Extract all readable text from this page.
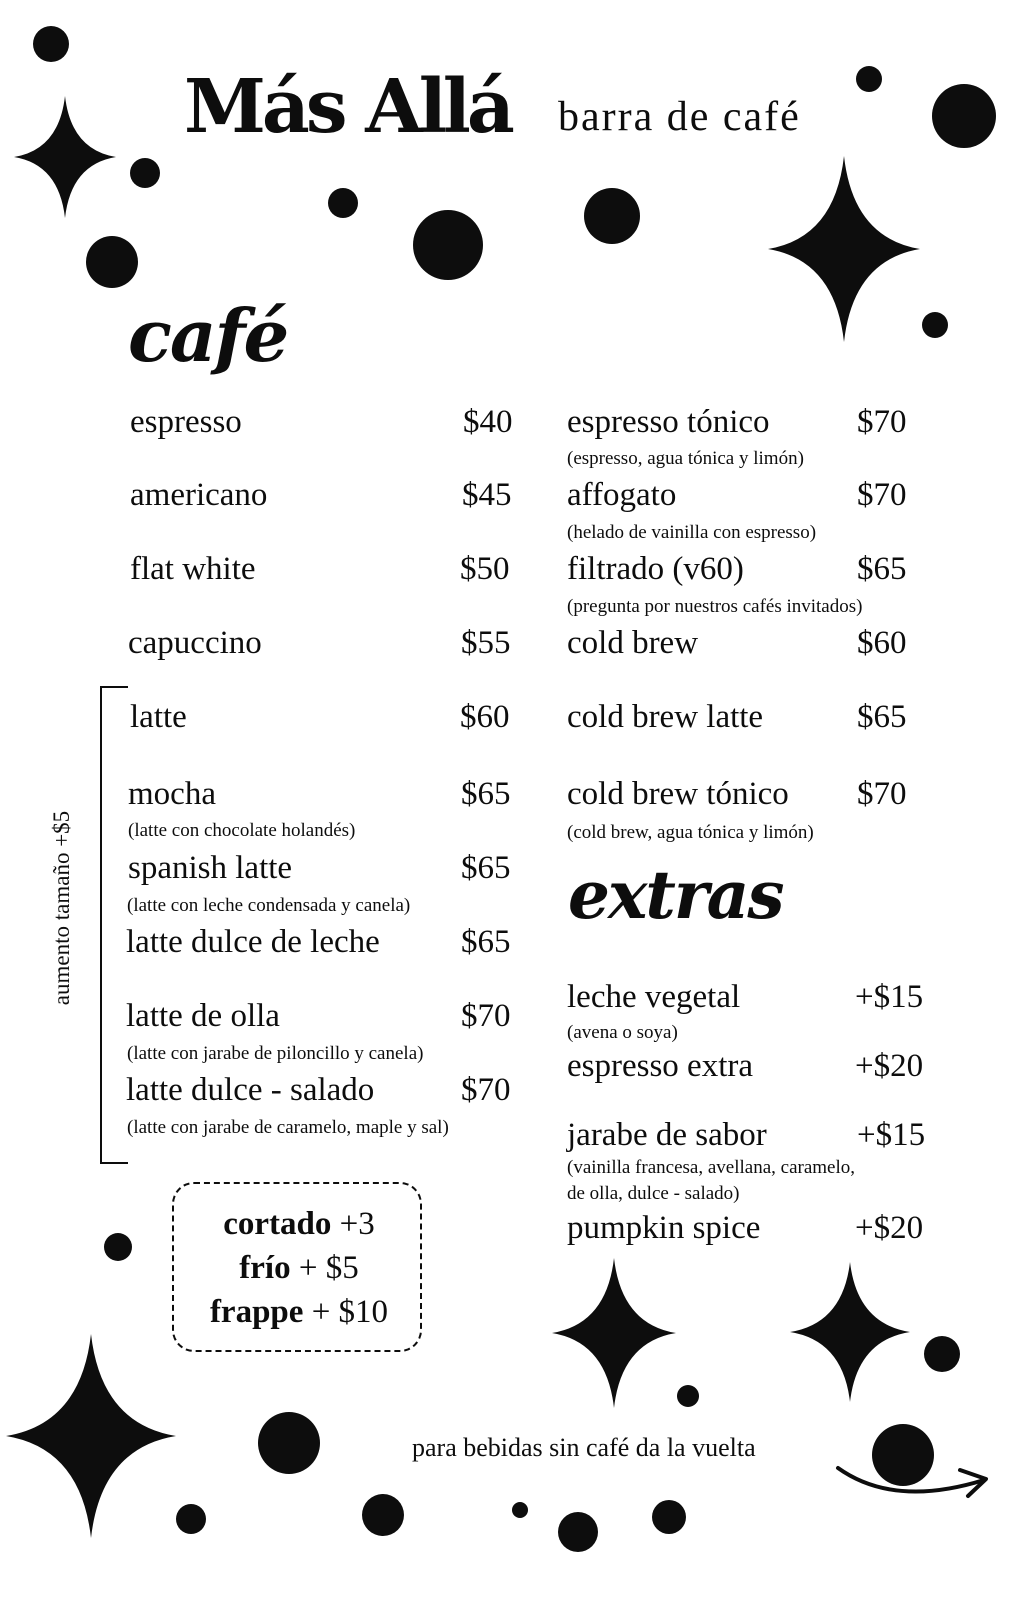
Más Allá barra de café
café
espresso	$40
americano	$45
flat white	$50
capuccino	$55
aumento tamaño +$5
latte	$60
mocha	$65
(latte con chocolate holandés)
spanish latte	$65
(latte con leche condensada y canela)
latte dulce de leche $65
latte de olla	$70
(latte con jarabe de piloncillo y canela)
latte dulce - salado	$70
(latte con jarabe de caramelo, maple y sal)
espresso tónico	$70
(espresso, agua tónica y limón)
affogato	$70
(helado de vainilla con espresso)
filtrado (v60)	$65
(pregunta por nuestros cafés invitados)
cold brew	$60
cold brew latte	$65
cold brew tónico $70
(cold brew, agua tónica y limón)
extras
leche vegetal	+$15
(avena o soya)
espresso extra	+$20
jarabe de sabor	+$15
(vainilla francesa, avellana, caramelo,
de olla, dulce - salado)
pumpkin spice	+$20
cortado +3
frío + $5
frappe + $10
para bebidas sin café da la vuelta
